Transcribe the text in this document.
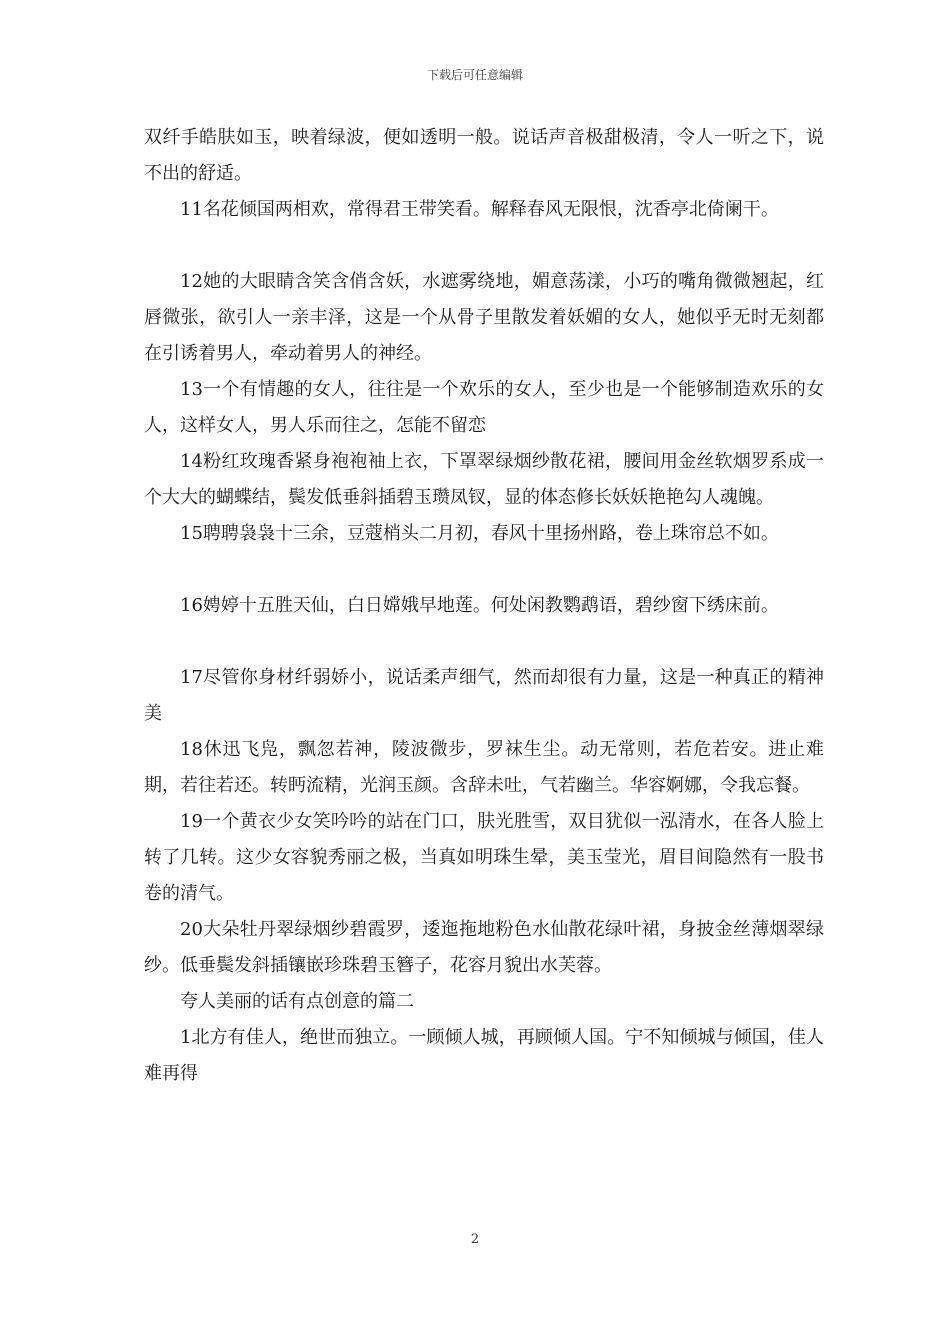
下载后可任意编辑

双纤手皓肤如玉，映着绿波，便如透明一般。说话声音极甜极清，令人一听之下，说不出的舒适。

11名花倾国两相欢，常得君王带笑看。解释春风无限恨，沈香亭北倚阑干。

12她的大眼睛含笑含俏含妖，水遮雾绕地，媚意荡漾，小巧的嘴角微微翘起，红唇微张，欲引人一亲丰泽，这是一个从骨子里散发着妖媚的女人，她似乎无时无刻都在引诱着男人，牵动着男人的神经。

13一个有情趣的女人，往往是一个欢乐的女人，至少也是一个能够制造欢乐的女人，这样女人，男人乐而往之，怎能不留恋

14粉红玫瑰香紧身袍袍袖上衣，下罩翠绿烟纱散花裙，腰间用金丝软烟罗系成一个大大的蝴蝶结，鬓发低垂斜插碧玉瓒凤钗，显的体态修长妖妖艳艳勾人魂魄。

15聘聘袅袅十三余，豆蔻梢头二月初，春风十里扬州路，卷上珠帘总不如。

16娉婷十五胜天仙，白日嫦娥早地莲。何处闲教鹦鹉语，碧纱窗下绣床前。

17尽管你身材纤弱娇小，说话柔声细气，然而却很有力量，这是一种真正的精神美

18休迅飞凫，飘忽若神，陵波微步，罗袜生尘。动无常则，若危若安。进止难期，若往若还。转眄流精，光润玉颜。含辞未吐，气若幽兰。华容婀娜，令我忘餐。

19一个黄衣少女笑吟吟的站在门口，肤光胜雪，双目犹似一泓清水，在各人脸上转了几转。这少女容貌秀丽之极，当真如明珠生晕，美玉莹光，眉目间隐然有一股书卷的清气。

20大朵牡丹翠绿烟纱碧霞罗，逶迤拖地粉色水仙散花绿叶裙，身披金丝薄烟翠绿纱。低垂鬓发斜插镶嵌珍珠碧玉簪子，花容月貌出水芙蓉。

夸人美丽的话有点创意的篇二

1北方有佳人，绝世而独立。一顾倾人城，再顾倾人国。宁不知倾城与倾国，佳人难再得

2
